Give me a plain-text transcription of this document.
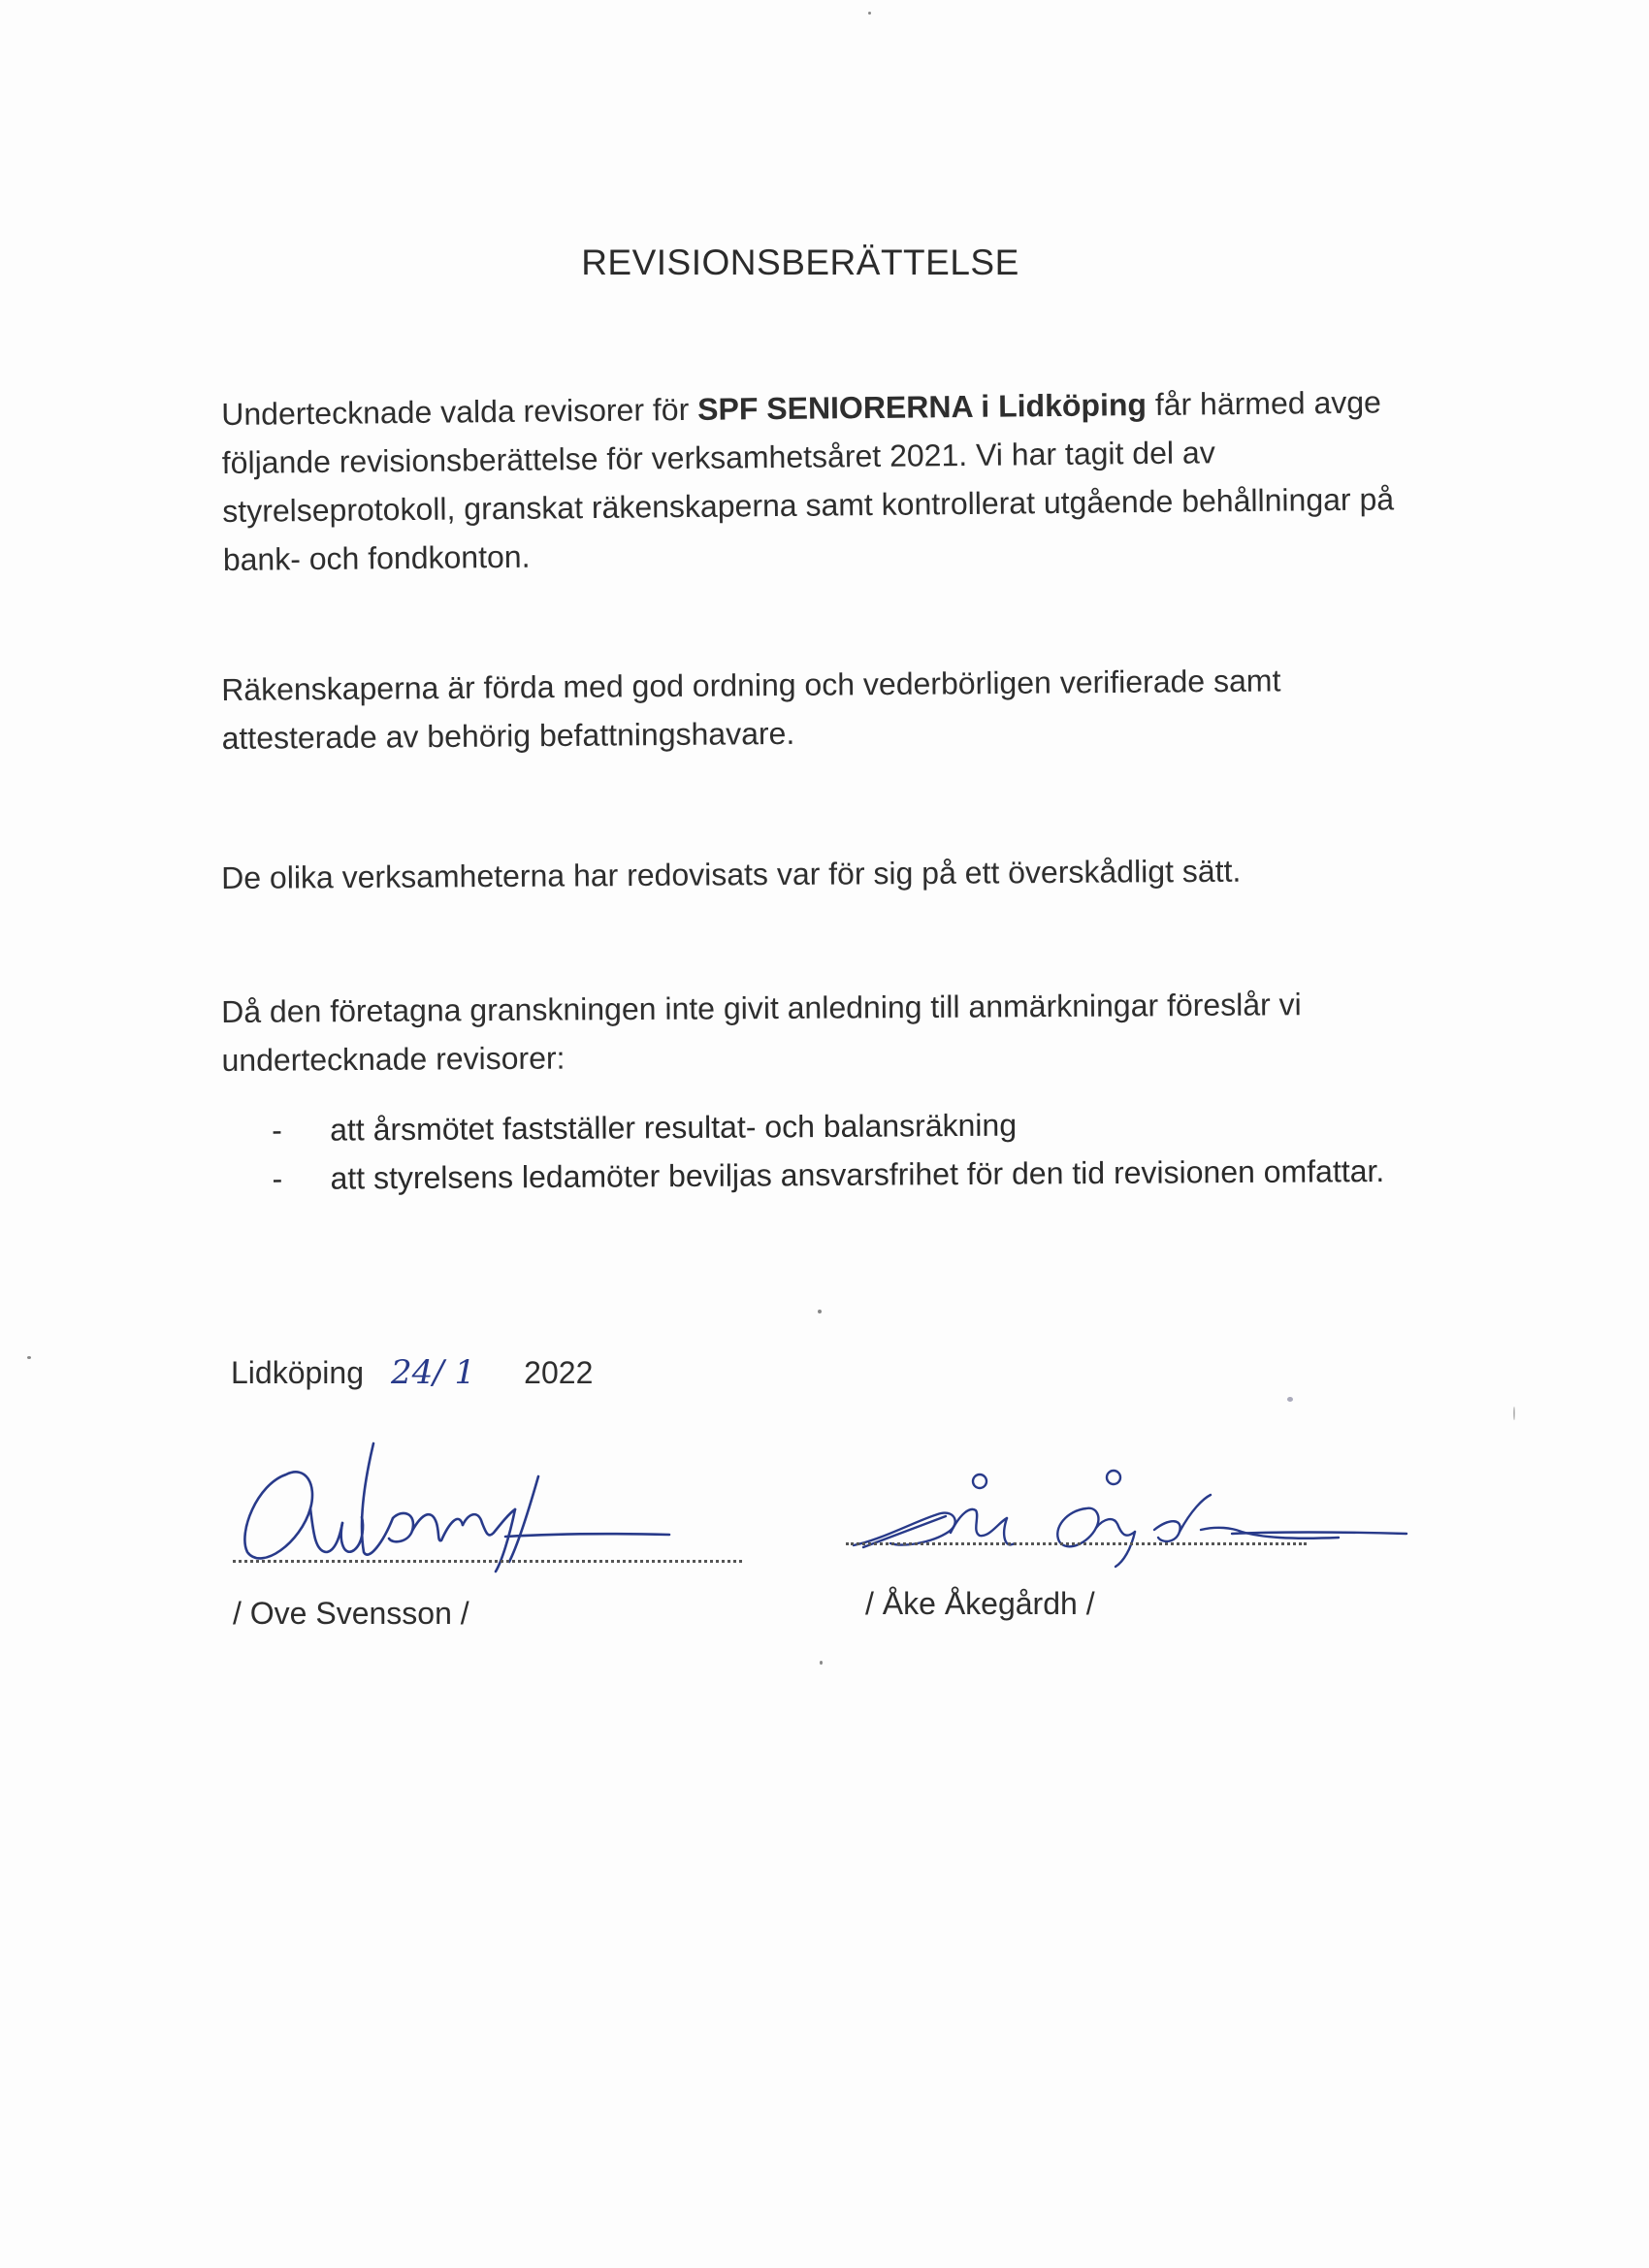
REVISIONSBERÄTTELSE
Undertecknade valda revisorer för SPF SENIORERNA i Lidköping får härmed avge följande revisionsberättelse för verksamhetsåret 2021. Vi har tagit del av styrelseprotokoll, granskat räkenskaperna samt kontrollerat utgående behållningar på bank- och fondkonton.
Räkenskaperna är förda med god ordning och vederbörligen verifierade samt attesterade av behörig befattningshavare.
De olika verksamheterna har redovisats var för sig på ett överskådligt sätt.
Då den företagna granskningen inte givit anledning till anmärkningar föreslår vi undertecknade revisorer:
-	att årsmötet fastställer resultat- och balansräkning
-	att styrelsens ledamöter beviljas ansvarsfrihet för den tid revisionen omfattar.
Lidköping 24/ 1 2022
/ Ove Svensson /	/ Åke Åkegårdh /
